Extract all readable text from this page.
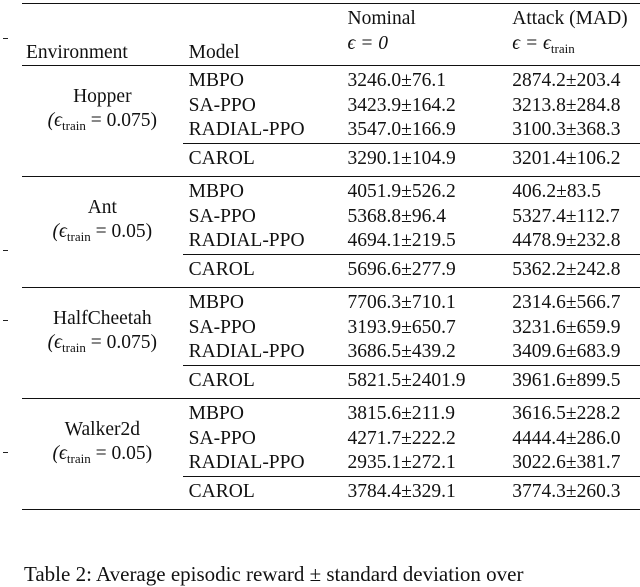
Environment	Model	Nominal	Attack (MAD)
		ϵ = 0	$\epsilon = \epsilon_{train}$

Hopper
$(\epsilon_{train} = 0.075)$	MBPO	3246.0±76.1	2874.2±203.4
	SA-PPO	3423.9±164.2	3213.8±284.8
	RADIAL-PPO	3547.0±166.9	3100.3±368.3
	CAROL	3290.1±104.9	3201.4±106.2

Ant
$(\epsilon_{train} = 0.05)$	MBPO	4051.9±526.2	406.2±83.5
	SA-PPO	5368.8±96.4	5327.4±112.7
	RADIAL-PPO	4694.1±219.5	4478.9±232.8
	CAROL	5696.6±277.9	5362.2±242.8

HalfCheetah
$(\epsilon_{train} = 0.075)$	MBPO	7706.3±710.1	2314.6±566.7
	SA-PPO	3193.9±650.7	3231.6±659.9
	RADIAL-PPO	3686.5±439.2	3409.6±683.9
	CAROL	5821.5±2401.9	3961.6±899.5

Walker2d
$(\epsilon_{train} = 0.05)$	MBPO	3815.6±211.9	3616.5±228.2
	SA-PPO	4271.7±222.2	4444.4±286.0
	RADIAL-PPO	2935.1±272.1	3022.6±381.7
	CAROL	3784.4±329.1	3774.3±260.3

Table 2: Average episodic reward ± standard deviation over
